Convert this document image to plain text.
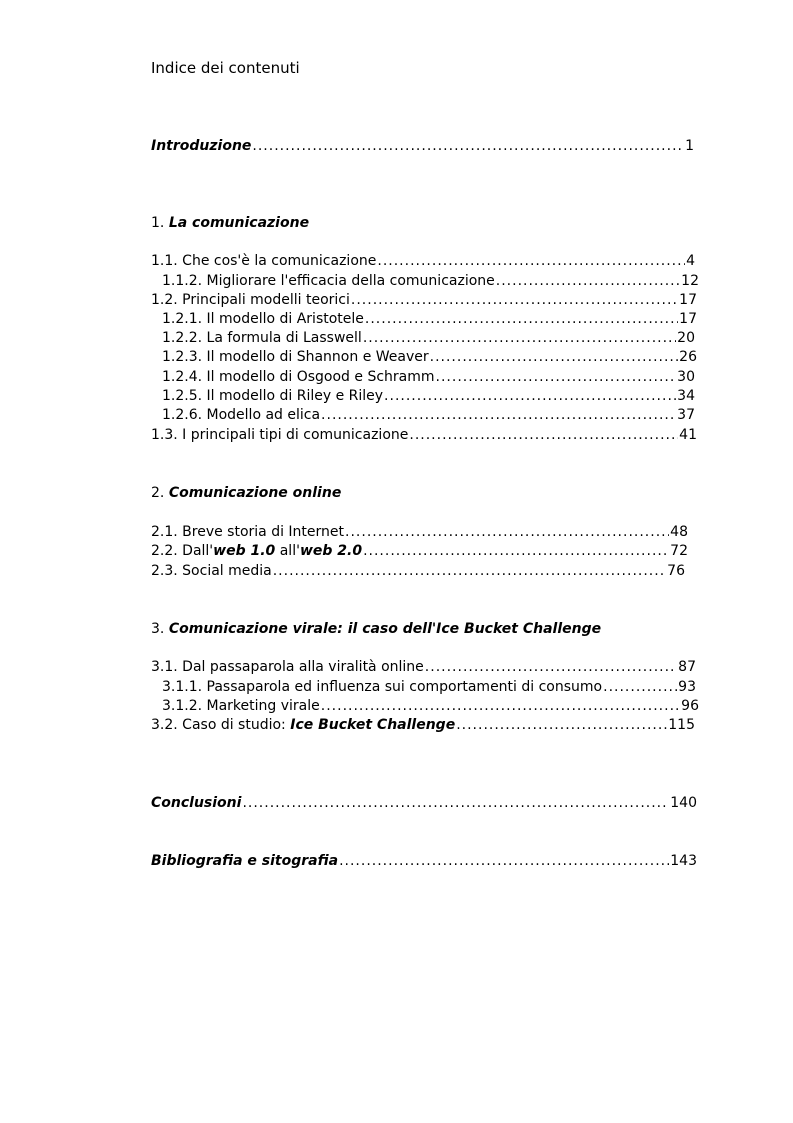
Indice dei contenuti
Introduzione .....	1
1. La comunicazione
1.1. Che cos'è la comunicazione .....	4
1.1.2. Migliorare l'efficacia della comunicazione .....	12
1.2. Principali modelli teorici .....	17
1.2.1. Il modello di Aristotele .....	17
1.2.2. La formula di Lasswell .....	20
1.2.3. Il modello di Shannon e Weaver .....	26
1.2.4. Il modello di Osgood e Schramm .....	30
1.2.5. Il modello di Riley e Riley .....	34
1.2.6. Modello ad elica .....	37
1.3. I principali tipi di comunicazione .....	41
2. Comunicazione online
2.1. Breve storia di Internet .....	48
2.2. Dall'web 1.0 all'web 2.0 .....	72
2.3. Social media .....	76
3. Comunicazione virale: il caso dell'Ice Bucket Challenge
3.1. Dal passaparola alla viralità online .....	87
3.1.1. Passaparola ed influenza sui comportamenti di consumo .....	93
3.1.2. Marketing virale .....	96
3.2. Caso di studio: Ice Bucket Challenge .....	115
Conclusioni .....	140
Bibliografia e sitografia .....	143
